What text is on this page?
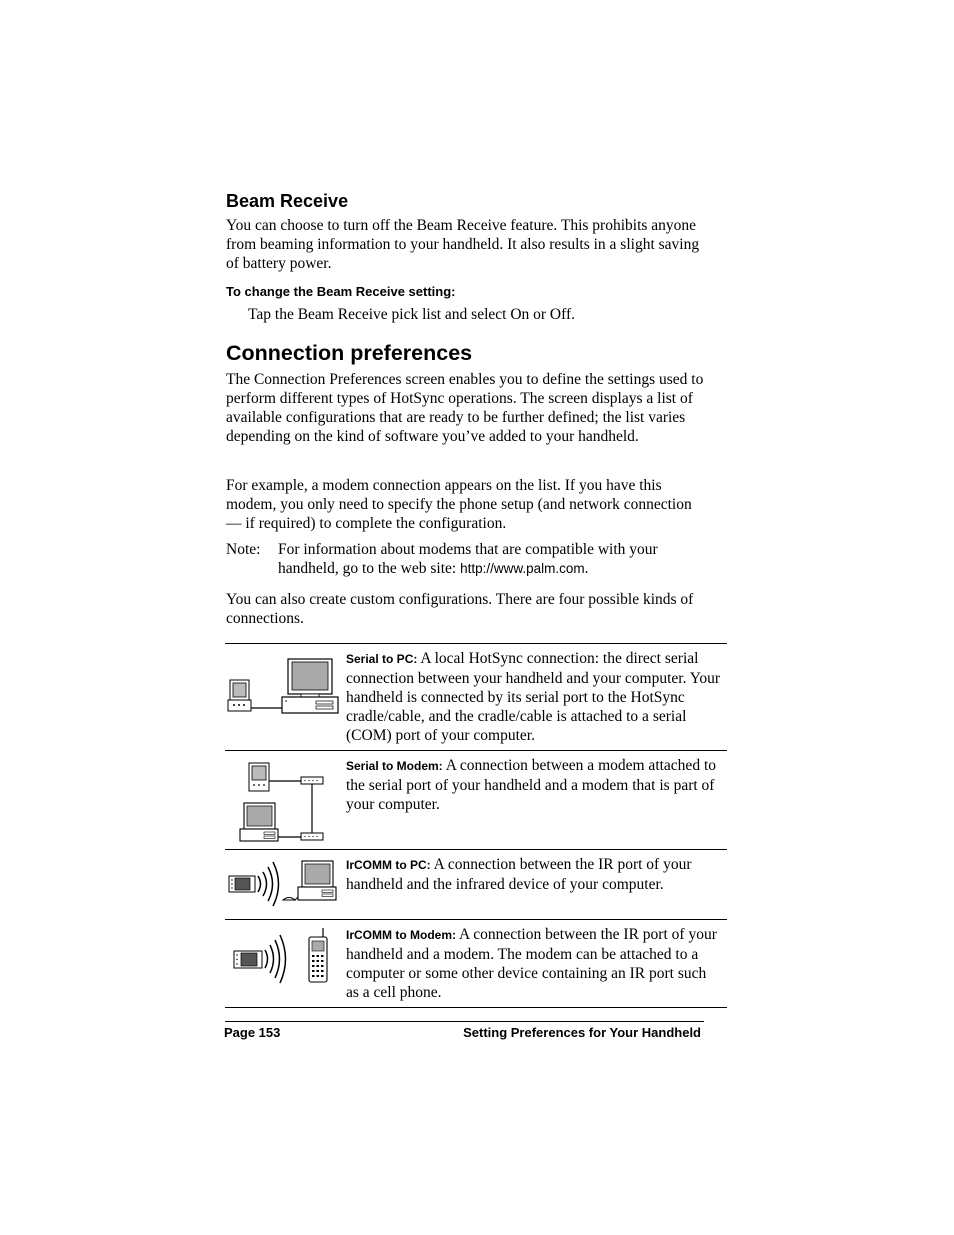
Beam Receive

You can choose to turn off the Beam Receive feature. This prohibits anyone from beaming information to your handheld. It also results in a slight saving of battery power.

To change the Beam Receive setting:

Tap the Beam Receive pick list and select On or Off.

Connection preferences

The Connection Preferences screen enables you to define the settings used to perform different types of HotSync operations. The screen displays a list of available configurations that are ready to be further defined; the list varies depending on the kind of software you’ve added to your handheld.

For example, a modem connection appears on the list. If you have this modem, you only need to specify the phone setup (and network connection — if required) to complete the configuration.

Note: For information about modems that are compatible with your handheld, go to the web site: http://www.palm.com.

You can also create custom configurations. There are four possible kinds of connections.

Serial to PC: A local HotSync connection: the direct serial connection between your handheld and your computer. Your handheld is connected by its serial port to the HotSync cradle/cable, and the cradle/cable is attached to a serial (COM) port of your computer.
Serial to Modem: A connection between a modem attached to the serial port of your handheld and a modem that is part of your computer.
IrCOMM to PC: A connection between the IR port of your handheld and the infrared device of your computer.
IrCOMM to Modem: A connection between the IR port of your handheld and a modem. The modem can be attached to a computer or some other device containing an IR port such as a cell phone.
Page 153	Setting Preferences for Your Handheld
